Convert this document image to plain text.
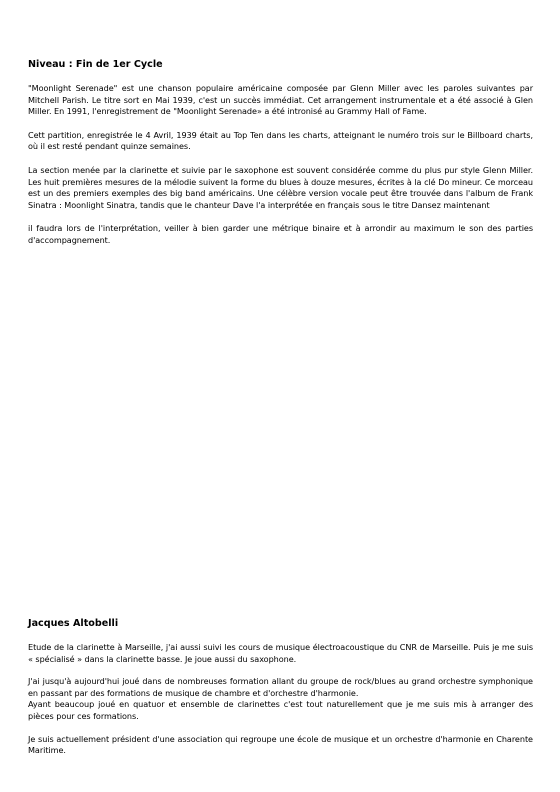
Niveau : Fin de 1er Cycle

"Moonlight Serenade" est une chanson populaire américaine composée par Glenn Miller avec les paroles suivantes par Mitchell Parish. Le titre sort en Mai 1939, c'est un succès immédiat. Cet arrangement instrumentale et a été associé à Glen Miller. En 1991, l'enregistrement de "Moonlight Serenade» a été intronisé au Grammy Hall of Fame.

Cett partition, enregistrée le 4 Avril, 1939 était au Top Ten dans les charts, atteignant le numéro trois sur le Billboard charts, où il est resté pendant quinze semaines.

La section menée par la clarinette et suivie par le saxophone est souvent considérée comme du plus pur style Glenn Miller. Les huit premières mesures de la mélodie suivent la forme du blues à douze mesures, écrites à la clé Do mineur. Ce morceau est un des premiers exemples des big band américains. Une célèbre version vocale peut être trouvée dans l'album de Frank Sinatra : Moonlight Sinatra, tandis que le chanteur Dave l'a interprétée en français sous le titre Dansez maintenant

il faudra lors de l'interprétation, veiller à bien garder une métrique binaire et à arrondir au maximum le son des parties d'accompagnement.

Jacques Altobelli

Etude de la clarinette à Marseille, j'ai aussi suivi les cours de musique électroacoustique du CNR de Marseille. Puis je me suis « spécialisé » dans la clarinette basse. Je joue aussi du saxophone.

J'ai jusqu'à aujourd'hui joué dans de nombreuses formation allant du groupe de rock/blues au grand orchestre symphonique en passant par des formations de musique de chambre et d'orchestre d'harmonie.
Ayant beaucoup joué en quatuor et ensemble de clarinettes c'est tout naturellement que je me suis mis à arranger des pièces pour ces formations.

Je suis actuellement président d'une association qui regroupe une école de musique et un orchestre d'harmonie en Charente Maritime.
